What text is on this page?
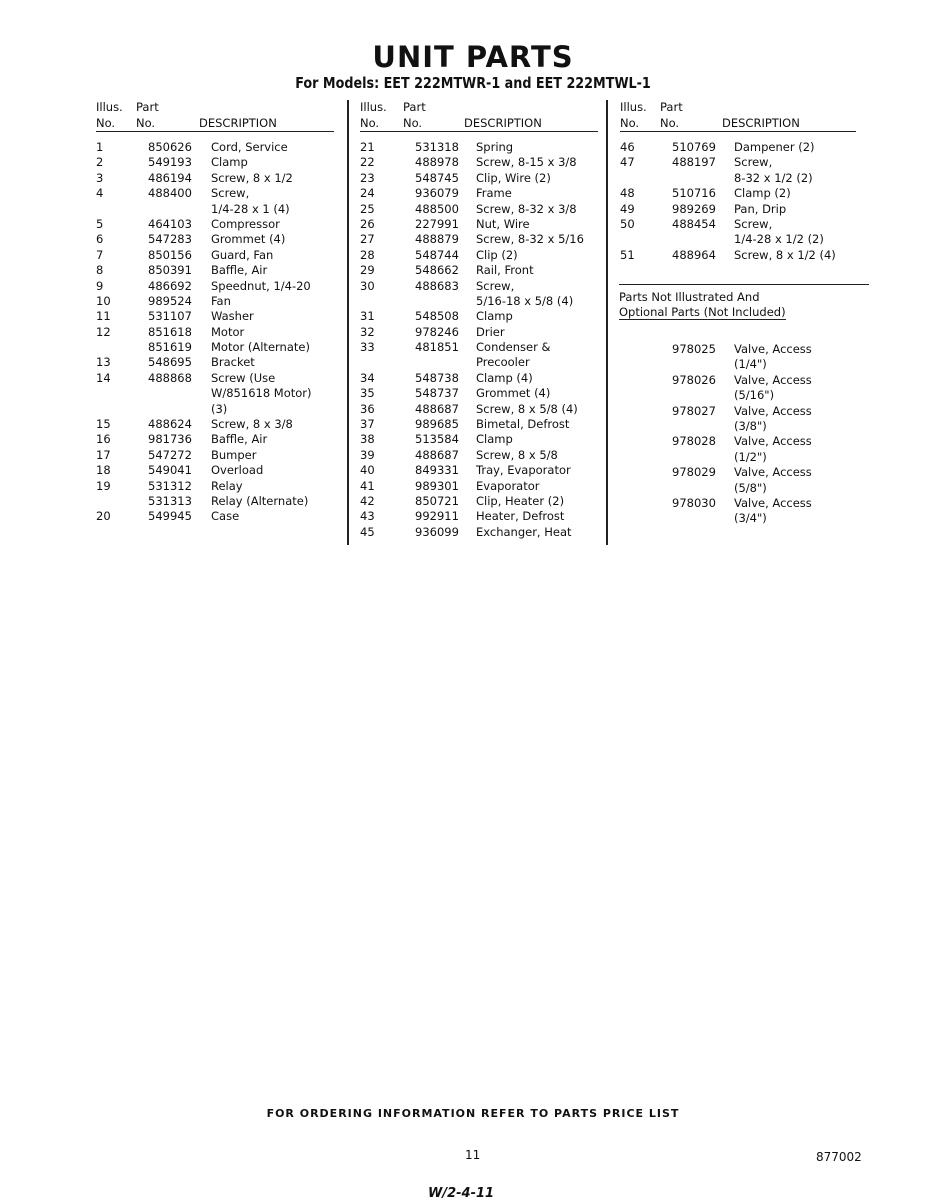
UNIT PARTS
For Models: EET 222MTWR-1 and EET 222MTWL-1
Illus. Part
No. No.	DESCRIPTION
1	850626 Cord, Service
2	549193 Clamp
3	486194 Screw, 8 x 1/2
4	488400 Screw,
1/4-28 x 1 (4)
5	464103 Compressor
6	547283 Grommet (4)
7	850156 Guard, Fan
8	850391 Baffle, Air
9	486692 Speednut, 1/4-20
10	989524 Fan
11	531107 Washer
12	851618 Motor
851619 Motor (Alternate)
13	548695 Bracket
14	488868 Screw (Use
W/851618 Motor)
(3)
15	488624 Screw, 8 x 3/8
16	981736 Baffle, Air
17	547272 Bumper
18	549041 Overload
19	531312 Relay
531313 Relay (Alternate)
20	549945 Case
Illus. Part
No. No.	DESCRIPTION
21	531318 Spring
22	488978 Screw, 8-15 x 3/8
23	548745 Clip, Wire (2)
24	936079 Frame
25	488500 Screw, 8-32 x 3/8
26	227991 Nut, Wire
27	488879 Screw, 8-32 x 5/16
28	548744 Clip (2)
29	548662 Rail, Front
30	488683 Screw,
5/16-18 x 5/8 (4)
31	548508 Clamp
32	978246 Drier
33	481851 Condenser &
Precooler
34	548738 Clamp (4)
35	548737 Grommet (4)
36	488687 Screw, 8 x 5/8 (4)
37	989685 Bimetal, Defrost
38	513584 Clamp
39	488687 Screw, 8 x 5/8
40	849331 Tray, Evaporator
41	989301 Evaporator
42	850721 Clip, Heater (2)
43	992911 Heater, Defrost
45	936099 Exchanger, Heat
Illus. Part
No. No.	DESCRIPTION
46	510769 Dampener (2)
47	488197 Screw,
8-32 x 1/2 (2)
48	510716 Clamp (2)
49	989269 Pan, Drip
50	488454 Screw,
1/4-28 x 1/2 (2)
51	488964 Screw, 8 x 1/2 (4)
Parts Not Illustrated And
Optional Parts (Not Included)
978025 Valve, Access
(1/4")
978026 Valve, Access
(5/16")
978027 Valve, Access
(3/8")
978028 Valve, Access
(1/2")
978029 Valve, Access
(5/8")
978030 Valve, Access
(3/4")
FOR ORDERING INFORMATION REFER TO PARTS PRICE LIST
11	877002
W/2-4-11
